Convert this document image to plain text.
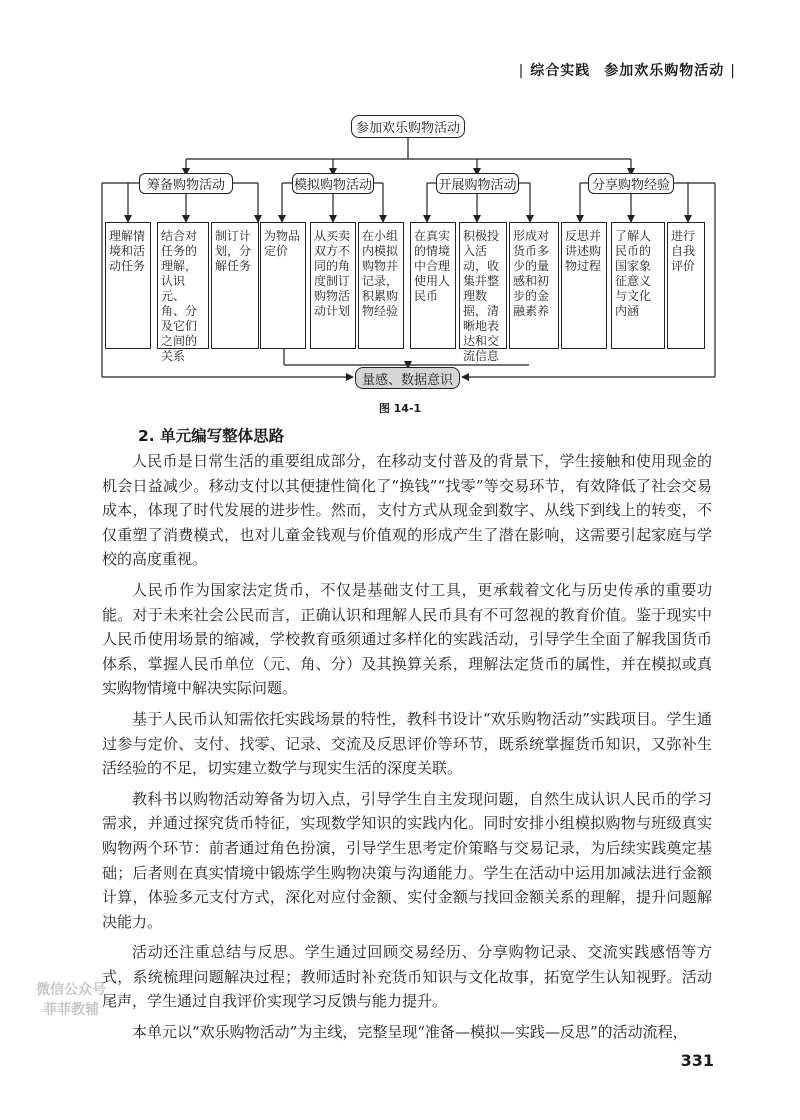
| 综合实践 参加欢乐购物活动 |
参加欢乐购物活动
筹备购物活动	模拟购物活动	开展购物活动	分享购物经验
理解情境和活动任务
结合对任务的理解，认识元、角、分及它们之间的关系
制订计划，分解任务
为物品定价
从买卖双方不同的角度制订购物活动计划
在小组内模拟购物并记录，积累购物经验
在真实的情境中合理使用人民币
积极投入活动，收集并整理数据，清晰地表达和交流信息
形成对货币多少的量感和初步的金融素养
反思并讲述购物过程
了解人民币的国家象征意义与文化内涵
进行自我评价
量感、数据意识
图 14-1
2. 单元编写整体思路

人民币是日常生活的重要组成部分，在移动支付普及的背景下，学生接触和使用现金的机会日益减少。移动支付以其便捷性简化了“换钱”“找零”等交易环节，有效降低了社会交易成本，体现了时代发展的进步性。然而，支付方式从现金到数字、从线下到线上的转变，不仅重塑了消费模式，也对儿童金钱观与价值观的形成产生了潜在影响，这需要引起家庭与学校的高度重视。

人民币作为国家法定货币，不仅是基础支付工具，更承载着文化与历史传承的重要功能。对于未来社会公民而言，正确认识和理解人民币具有不可忽视的教育价值。鉴于现实中人民币使用场景的缩减，学校教育亟须通过多样化的实践活动，引导学生全面了解我国货币体系，掌握人民币单位（元、角、分）及其换算关系，理解法定货币的属性，并在模拟或真实购物情境中解决实际问题。

基于人民币认知需依托实践场景的特性，教科书设计“欢乐购物活动”实践项目。学生通过参与定价、支付、找零、记录、交流及反思评价等环节，既系统掌握货币知识，又弥补生活经验的不足，切实建立数学与现实生活的深度关联。

教科书以购物活动筹备为切入点，引导学生自主发现问题，自然生成认识人民币的学习需求，并通过探究货币特征，实现数学知识的实践内化。同时安排小组模拟购物与班级真实购物两个环节：前者通过角色扮演，引导学生思考定价策略与交易记录，为后续实践奠定基础；后者则在真实情境中锻炼学生购物决策与沟通能力。学生在活动中运用加减法进行金额计算，体验多元支付方式，深化对应付金额、实付金额与找回金额关系的理解，提升问题解决能力。

活动还注重总结与反思。学生通过回顾交易经历、分享购物记录、交流实践感悟等方式，系统梳理问题解决过程；教师适时补充货币知识与文化故事，拓宽学生认知视野。活动尾声，学生通过自我评价实现学习反馈与能力提升。

本单元以“欢乐购物活动”为主线，完整呈现“准备—模拟—实践—反思”的活动流程，

微信公众号
菲菲教辅
331
